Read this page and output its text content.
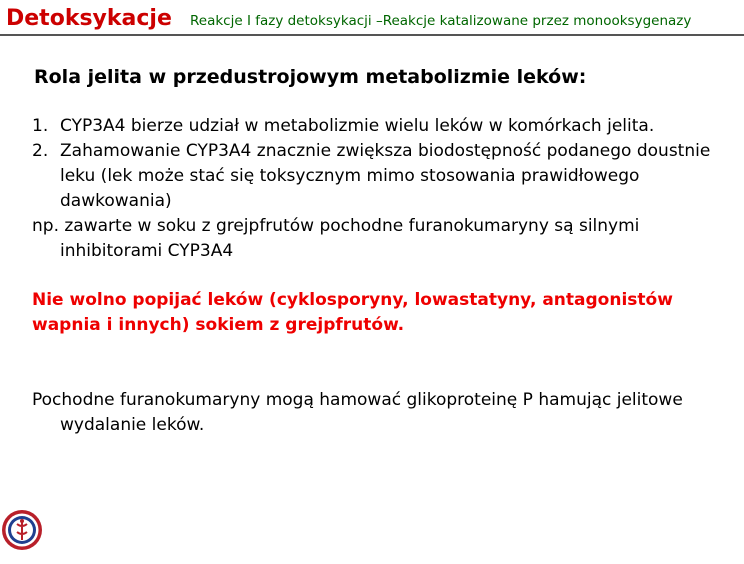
Detoksykacje Reakcje I fazy detoksykacji –Reakcje katalizowane przez monooksygenazy
Rola jelita w przedustrojowym metabolizmie leków:
1. CYP3A4 bierze udział w metabolizmie wielu leków w komórkach jelita.
2. Zahamowanie CYP3A4 znacznie zwiększa biodostępność podanego doustnie leku (lek może stać się toksycznym mimo stosowania prawidłowego dawkowania)
np. zawarte w soku z grejpfrutów pochodne furanokumaryny są silnymi inhibitorami CYP3A4
Nie wolno popijać leków (cyklosporyny, lowastatyny, antagonistów wapnia i innych) sokiem z grejpfrutów.
Pochodne furanokumaryny mogą hamować glikoproteinę P hamując jelitowe wydalanie leków.
